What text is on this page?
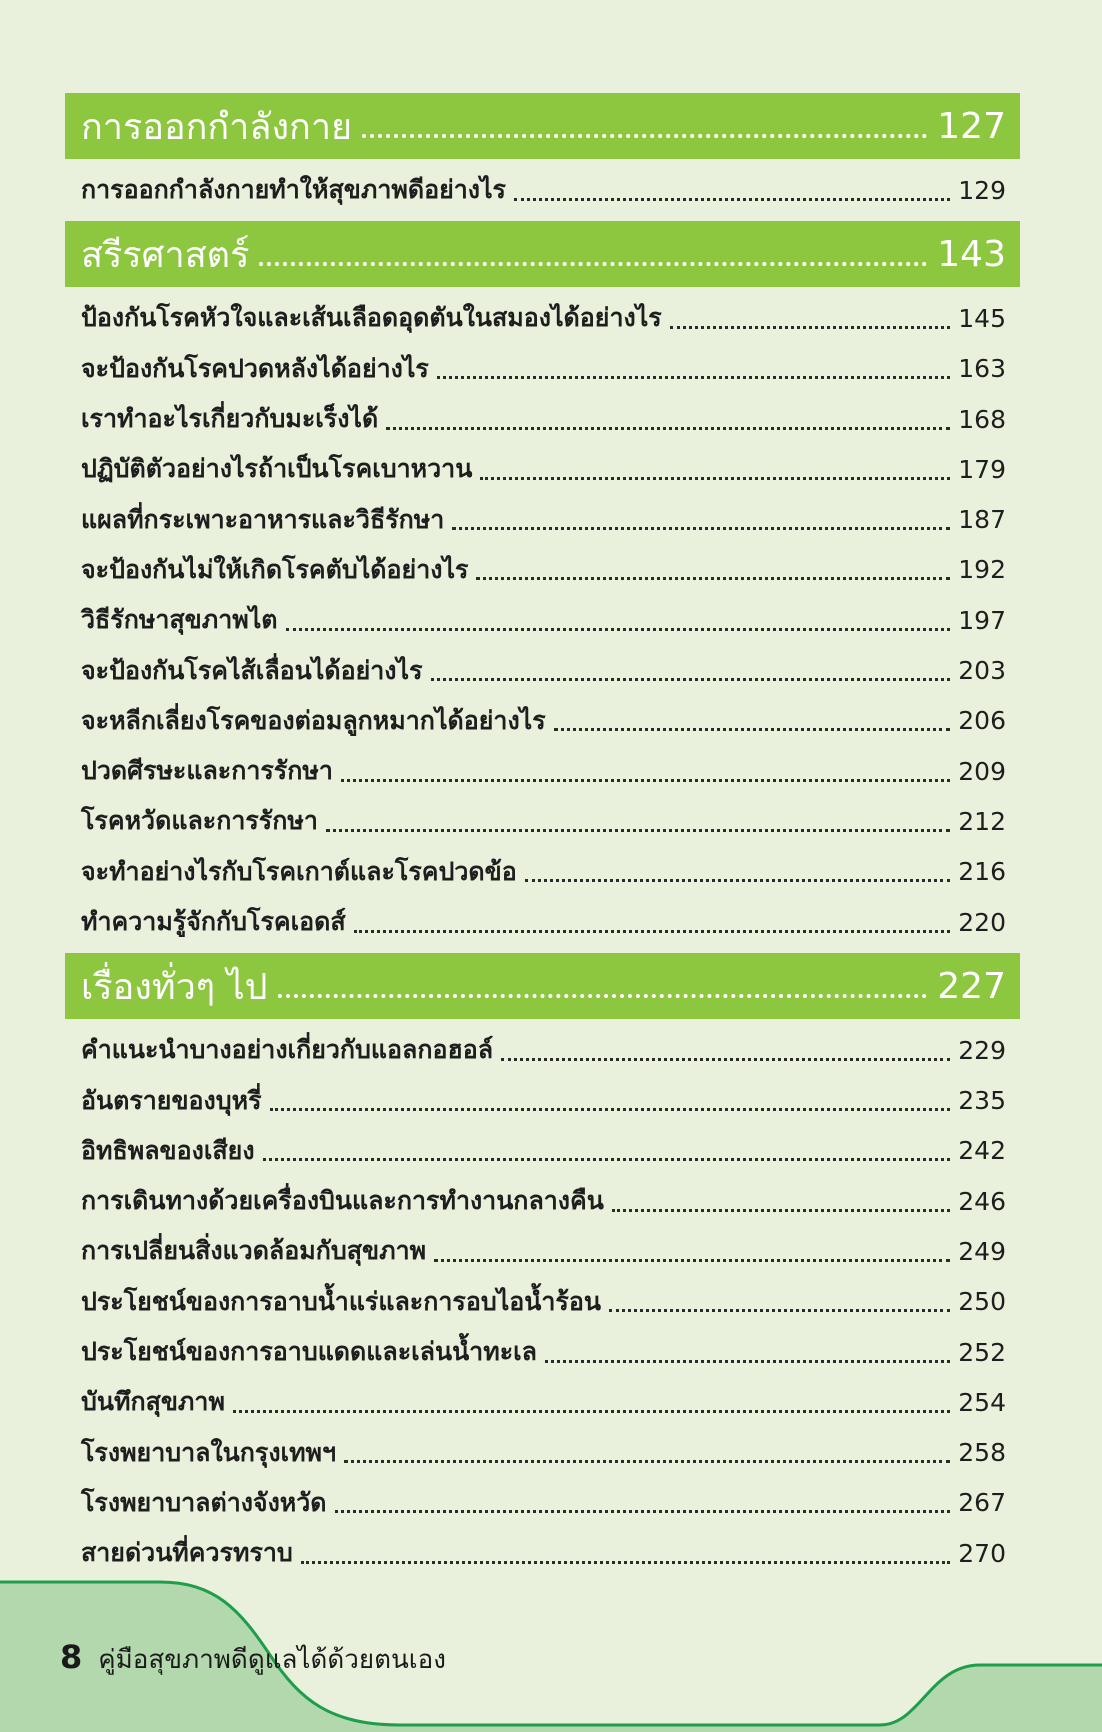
การออกกำลังกาย	127
การออกกำลังกายทำให้สุขภาพดีอย่างไร	129
สรีรศาสตร์	143
ป้องกันโรคหัวใจและเส้นเลือดอุดตันในสมองได้อย่างไร	145
จะป้องกันโรคปวดหลังได้อย่างไร	163
เราทำอะไรเกี่ยวกับมะเร็งได้	168
ปฏิบัติตัวอย่างไรถ้าเป็นโรคเบาหวาน	179
แผลที่กระเพาะอาหารและวิธีรักษา	187
จะป้องกันไม่ให้เกิดโรคตับได้อย่างไร	192
วิธีรักษาสุขภาพไต	197
จะป้องกันโรคไส้เลื่อนได้อย่างไร	203
จะหลีกเลี่ยงโรคของต่อมลูกหมากได้อย่างไร	206
ปวดศีรษะและการรักษา	209
โรคหวัดและการรักษา	212
จะทำอย่างไรกับโรคเกาต์และโรคปวดข้อ	216
ทำความรู้จักกับโรคเอดส์	220
เรื่องทั่วๆ ไป	227
คำแนะนำบางอย่างเกี่ยวกับแอลกอฮอล์	229
อันตรายของบุหรี่	235
อิทธิพลของเสียง	242
การเดินทางด้วยเครื่องบินและการทำงานกลางคืน	246
การเปลี่ยนสิ่งแวดล้อมกับสุขภาพ	249
ประโยชน์ของการอาบน้ำแร่และการอบไอน้ำร้อน	250
ประโยชน์ของการอาบแดดและเล่นน้ำทะเล	252
บันทึกสุขภาพ	254
โรงพยาบาลในกรุงเทพฯ	258
โรงพยาบาลต่างจังหวัด	267
สายด่วนที่ควรทราบ	270
8 คู่มือสุขภาพดีดูแลได้ด้วยตนเอง
